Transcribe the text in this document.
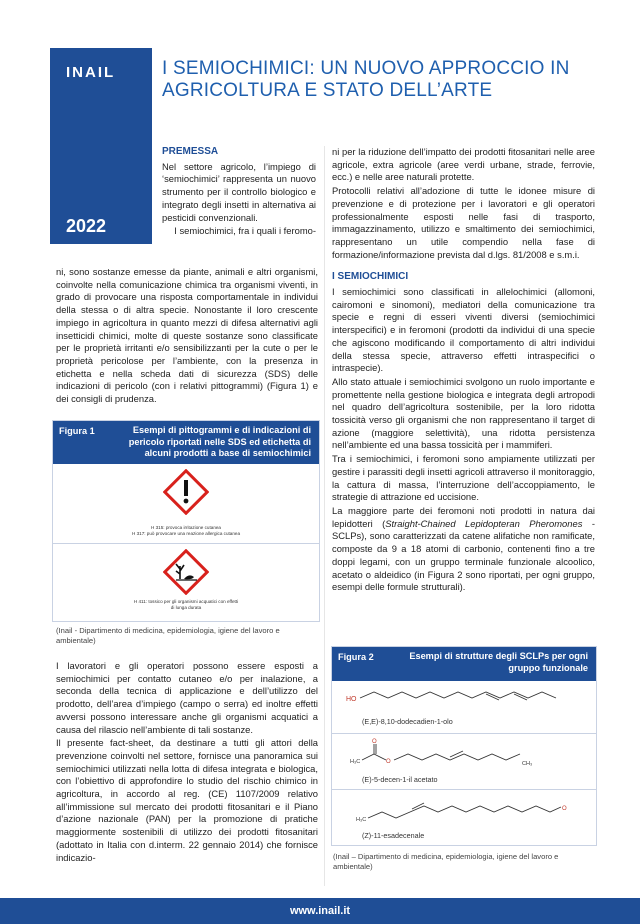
INAIL
2022
I SEMIOCHIMICI: UN NUOVO APPROCCIO IN AGRICOLTURA E STATO DELL’ARTE
PREMESSA

Nel settore agricolo, l’impiego di ‘semiochimici’ rappresenta un nuovo strumento per il controllo biologico e integrato degli insetti in alternativa ai pesticidi convenzionali.

I semiochimici, fra i quali i feromo-

ni, sono sostanze emesse da piante, animali e altri organismi, coinvolte nella comunicazione chimica tra organismi viventi, in grado di provocare una risposta comportamentale in individui della stessa o di altra specie. Nonostante il loro crescente impiego in agricoltura in quanto mezzi di difesa alternativi agli insetticidi chimici, molte di queste sostanze sono classificate per le proprietà irritanti e/o sensibilizzanti per la cute o per le proprietà pericolose per l’ambiente, con la presenza in etichetta e nella scheda dati di sicurezza (SDS) delle indicazioni di pericolo (con i relativi pittogrammi) (Figura 1) e dei consigli di prudenza.

Figura 1	Esempi di pittogrammi e di indicazioni di pericolo riportati nelle SDS ed etichetta di alcuni prodotti a base di semiochimici
H 315: provoca irritazione cutanea
H 317: può provocare una reazione allergica cutanea
H 411: tossico per gli organismi acquatici con effetti di lunga durata
(Inail - Dipartimento di medicina, epidemiologia, igiene del lavoro e ambientale)

I lavoratori e gli operatori possono essere esposti a semiochimici per contatto cutaneo e/o per inalazione, a seconda della tecnica di applicazione e dell’utilizzo del prodotto, dell’area d’impiego (campo o serra) ed inoltre effetti avversi possono interessare anche gli organismi acquatici a causa del rilascio nell’ambiente di tali sostanze.

Il presente fact-sheet, da destinare a tutti gli attori della prevenzione coinvolti nel settore, fornisce una panoramica sui semiochimici utilizzati nella lotta di difesa integrata e biologica, con l’obiettivo di approfondire lo studio del rischio chimico in agricoltura, in accordo al reg. (CE) 1107/2009 relativo all’immissione sul mercato dei prodotti fitosanitari e il Piano d’azione nazionale (PAN) per la promozione di pratiche maggiormente sostenibili di utilizzo dei prodotti fitosanitari (adottato in Italia con d.interm. 22 gennaio 2014) che fornisce indicazio-

ni per la riduzione dell’impatto dei prodotti fitosanitari nelle aree agricole, extra agricole (aree verdi urbane, strade, ferrovie, ecc.) e nelle aree naturali protette.

Protocolli relativi all’adozione di tutte le idonee misure di prevenzione e di protezione per i lavoratori e gli operatori professionalmente esposti nelle fasi di trasporto, immagazzinamento, utilizzo e smaltimento dei semiochimici, rappresentano un utile compendio nella fase di formazione/informazione prevista dal d.lgs. 81/2008 e s.m.i.

I SEMIOCHIMICI

I semiochimici sono classificati in allelochimici (allomoni, cairomoni e sinomoni), mediatori della comunicazione tra specie e regni di esseri viventi diversi (semiochimici interspecifici) e in feromoni (prodotti da individui di una specie che agiscono modificando il comportamento di altri individui della stessa specie, attraverso effetti intraspecifici o intraspecie).

Allo stato attuale i semiochimici svolgono un ruolo importante e promettente nella gestione biologica e integrata degli artropodi nel quadro dell’agricoltura sostenibile, per la loro ridotta tossicità verso gli organismi che non rappresentano il target di azione (maggiore selettività), una ridotta persistenza nell’ambiente ed una bassa tossicità per i mammiferi.

Tra i semiochimici, i feromoni sono ampiamente utilizzati per gestire i parassiti degli insetti agricoli attraverso il monitoraggio, la cattura di massa, l’interruzione dell’accoppiamento, le strategie di attrazione ed uccisione.

La maggiore parte dei feromoni noti prodotti in natura dai lepidotteri (Straight-Chained Lepidopteran Pheromones - SCLPs), sono caratterizzati da catene alifatiche non ramificate, composte da 9 a 18 atomi di carbonio, contenenti fino a tre doppi legami, con un gruppo terminale funzionale alcoolico, acetato o aldeidico (in Figura 2 sono riportati, per ogni gruppo, esempi delle formule strutturali).

Figura 2	Esempi di strutture degli SCLPs per ogni gruppo funzionale
HO
(E,E)-8,10-dodecadien-1-olo
H₃C
O
O	CH₃
(E)-5-decen-1-il acetato
H₃C
O
(Z)-11-esadecenale
(Inail – Dipartimento di medicina, epidemiologia, igiene del lavoro e ambientale)
www.inail.it
